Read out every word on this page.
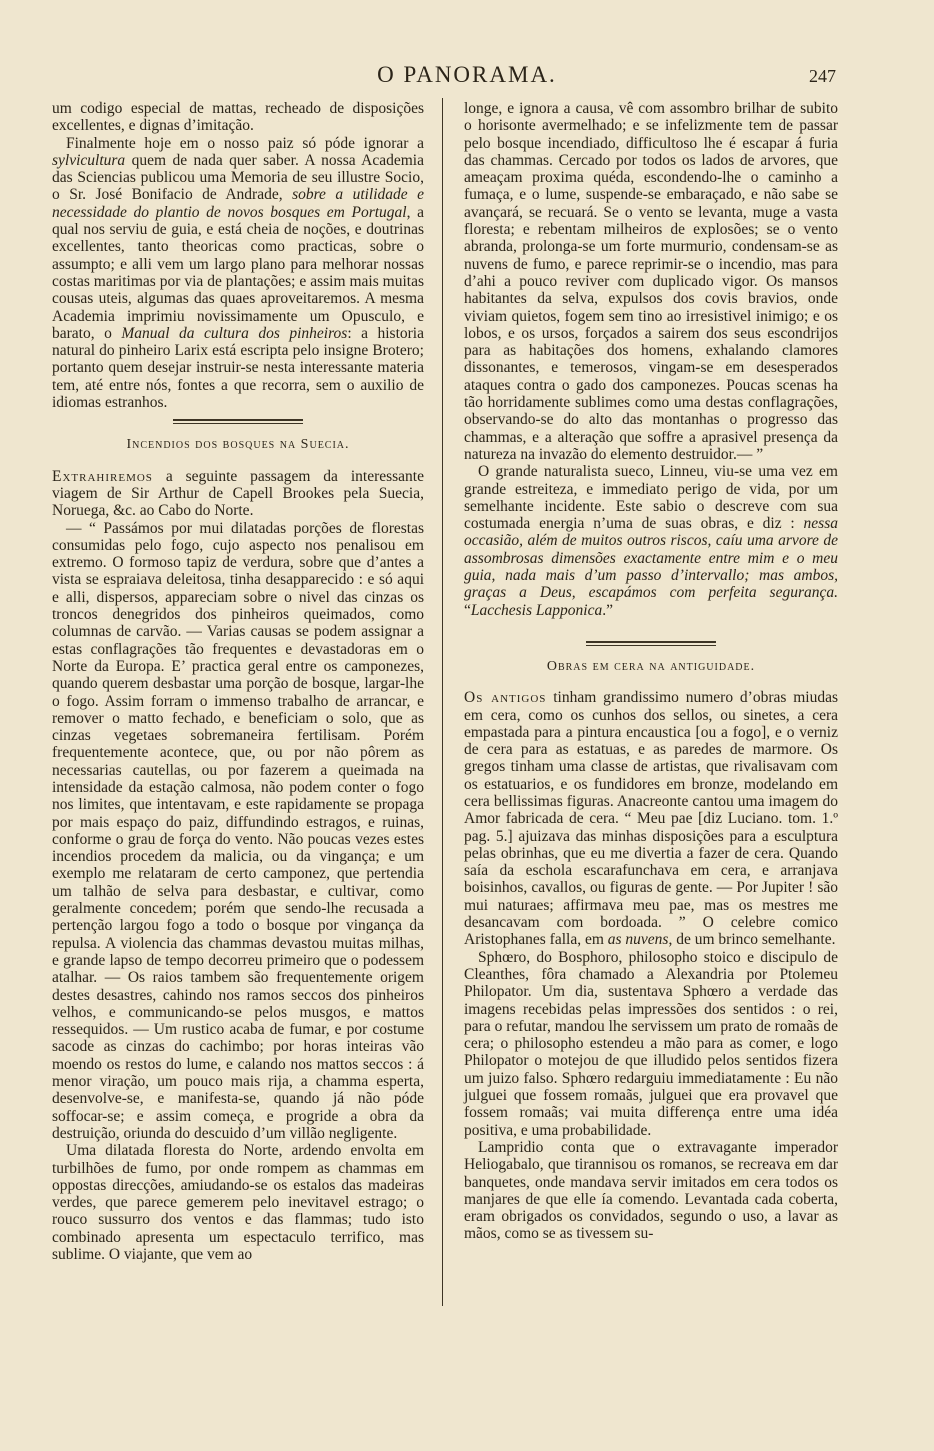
O PANORAMA.	247

um codigo especial de mattas, recheado de disposições excellentes, e dignas d’imitação.

Finalmente hoje em o nosso paiz só póde ignorar a sylvicultura quem de nada quer saber. A nossa Academia das Sciencias publicou uma Memoria de seu illustre Socio, o Sr. José Bonifacio de Andrade, sobre a utilidade e necessidade do plantio de novos bosques em Portugal, a qual nos serviu de guia, e está cheia de noções, e doutrinas excellentes, tanto theoricas como practicas, sobre o assumpto; e alli vem um largo plano para melhorar nossas costas maritimas por via de plantações; e assim mais muitas cousas uteis, algumas das quaes aproveitaremos. A mesma Academia imprimiu novissimamente um Opusculo, e barato, o Manual da cultura dos pinheiros: a historia natural do pinheiro Larix está escripta pelo insigne Brotero; portanto quem desejar instruir-se nesta interessante materia tem, até entre nós, fontes a que recorra, sem o auxilio de idiomas estranhos.

Incendios dos bosques na Suecia.

Extrahiremos a seguinte passagem da interessante viagem de Sir Arthur de Capell Brookes pela Suecia, Noruega, &c. ao Cabo do Norte.

— “ Passámos por mui dilatadas porções de florestas consumidas pelo fogo, cujo aspecto nos penalisou em extremo. O formoso tapiz de verdura, sobre que d’antes a vista se espraiava deleitosa, tinha desapparecido : e só aqui e alli, dispersos, appareciam sobre o nivel das cinzas os troncos denegridos dos pinheiros queimados, como columnas de carvão. — Varias causas se podem assignar a estas conflagrações tão frequentes e devastadoras em o Norte da Europa. E’ practica geral entre os camponezes, quando querem desbastar uma porção de bosque, largar-lhe o fogo. Assim forram o immenso trabalho de arrancar, e remover o matto fechado, e beneficiam o solo, que as cinzas vegetaes sobremaneira fertilisam. Porém frequentemente acontece, que, ou por não pôrem as necessarias cautellas, ou por fazerem a queimada na intensidade da estação calmosa, não podem conter o fogo nos limites, que intentavam, e este rapidamente se propaga por mais espaço do paiz, diffundindo estragos, e ruinas, conforme o grau de força do vento. Não poucas vezes estes incendios procedem da malicia, ou da vingança; e um exemplo me relataram de certo camponez, que pertendia um talhão de selva para desbastar, e cultivar, como geralmente concedem; porém que sendo-lhe recusada a pertenção largou fogo a todo o bosque por vingança da repulsa. A violencia das chammas devastou muitas milhas, e grande lapso de tempo decorreu primeiro que o podessem atalhar. — Os raios tambem são frequentemente origem destes desastres, cahindo nos ramos seccos dos pinheiros velhos, e communicando-se pelos musgos, e mattos ressequidos. — Um rustico acaba de fumar, e por costume sacode as cinzas do cachimbo; por horas inteiras vão moendo os restos do lume, e calando nos mattos seccos : á menor viração, um pouco mais rija, a chamma esperta, desenvolve-se, e manifesta-se, quando já não póde soffocar-se; e assim começa, e progride a obra da destruição, oriunda do descuido d’um villão negligente.

Uma dilatada floresta do Norte, ardendo envolta em turbilhões de fumo, por onde rompem as chammas em oppostas direcções, amiudando-se os estalos das madeiras verdes, que parece gemerem pelo inevitavel estrago; o rouco sussurro dos ventos e das flammas; tudo isto combinado apresenta um espectaculo terrifico, mas sublime. O viajante, que vem ao

longe, e ignora a causa, vê com assombro brilhar de subito o horisonte avermelhado; e se infelizmente tem de passar pelo bosque incendiado, difficultoso lhe é escapar á furia das chammas. Cercado por todos os lados de arvores, que ameaçam proxima quéda, escondendo-lhe o caminho a fumaça, e o lume, suspende-se embaraçado, e não sabe se avançará, se recuará. Se o vento se levanta, muge a vasta floresta; e rebentam milheiros de explosões; se o vento abranda, prolonga-se um forte murmurio, condensam-se as nuvens de fumo, e parece reprimir-se o incendio, mas para d’ahi a pouco reviver com duplicado vigor. Os mansos habitantes da selva, expulsos dos covis bravios, onde viviam quietos, fogem sem tino ao irresistivel inimigo; e os lobos, e os ursos, forçados a sairem dos seus escondrijos para as habitações dos homens, exhalando clamores dissonantes, e temerosos, vingam-se em desesperados ataques contra o gado dos camponezes. Poucas scenas ha tão horridamente sublimes como uma destas conflagrações, observando-se do alto das montanhas o progresso das chammas, e a alteração que soffre a aprasivel presença da natureza na invazão do elemento destruidor.— ”

O grande naturalista sueco, Linneu, viu-se uma vez em grande estreiteza, e immediato perigo de vida, por um semelhante incidente. Este sabio o descreve com sua costumada energia n’uma de suas obras, e diz : nessa occasião, além de muitos outros riscos, caíu uma arvore de assombrosas dimensões exactamente entre mim e o meu guia, nada mais d’um passo d’intervallo; mas ambos, graças a Deus, escapámos com perfeita segurança. “Lacchesis Lapponica.”

Obras em cera na antiguidade.

Os antigos tinham grandissimo numero d’obras miudas em cera, como os cunhos dos sellos, ou sinetes, a cera empastada para a pintura encaustica [ou a fogo], e o verniz de cera para as estatuas, e as paredes de marmore. Os gregos tinham uma classe de artistas, que rivalisavam com os estatuarios, e os fundidores em bronze, modelando em cera bellissimas figuras. Anacreonte cantou uma imagem do Amor fabricada de cera. “ Meu pae [diz Luciano. tom. 1.º pag. 5.] ajuizava das minhas disposições para a esculptura pelas obrinhas, que eu me divertia a fazer de cera. Quando saía da eschola escarafunchava em cera, e arranjava boisinhos, cavallos, ou figuras de gente. — Por Jupiter ! são mui naturaes; affirmava meu pae, mas os mestres me desancavam com bordoada. ” O celebre comico Aristophanes falla, em as nuvens, de um brinco semelhante.

Sphœro, do Bosphoro, philosopho stoico e discipulo de Cleanthes, fôra chamado a Alexandria por Ptolemeu Philopator. Um dia, sustentava Sphœro a verdade das imagens recebidas pelas impressões dos sentidos : o rei, para o refutar, mandou lhe servissem um prato de romaãs de cera; o philosopho estendeu a mão para as comer, e logo Philopator o motejou de que illudido pelos sentidos fizera um juizo falso. Sphœro redarguiu immediatamente : Eu não julguei que fossem romaãs, julguei que era provavel que fossem romaãs; vai muita differença entre uma idéa positiva, e uma probabilidade.

Lampridio conta que o extravagante imperador Heliogabalo, que tirannisou os romanos, se recreava em dar banquetes, onde mandava servir imitados em cera todos os manjares de que elle ía comendo. Levantada cada coberta, eram obrigados os convidados, segundo o uso, a lavar as mãos, como se as tivessem su-
